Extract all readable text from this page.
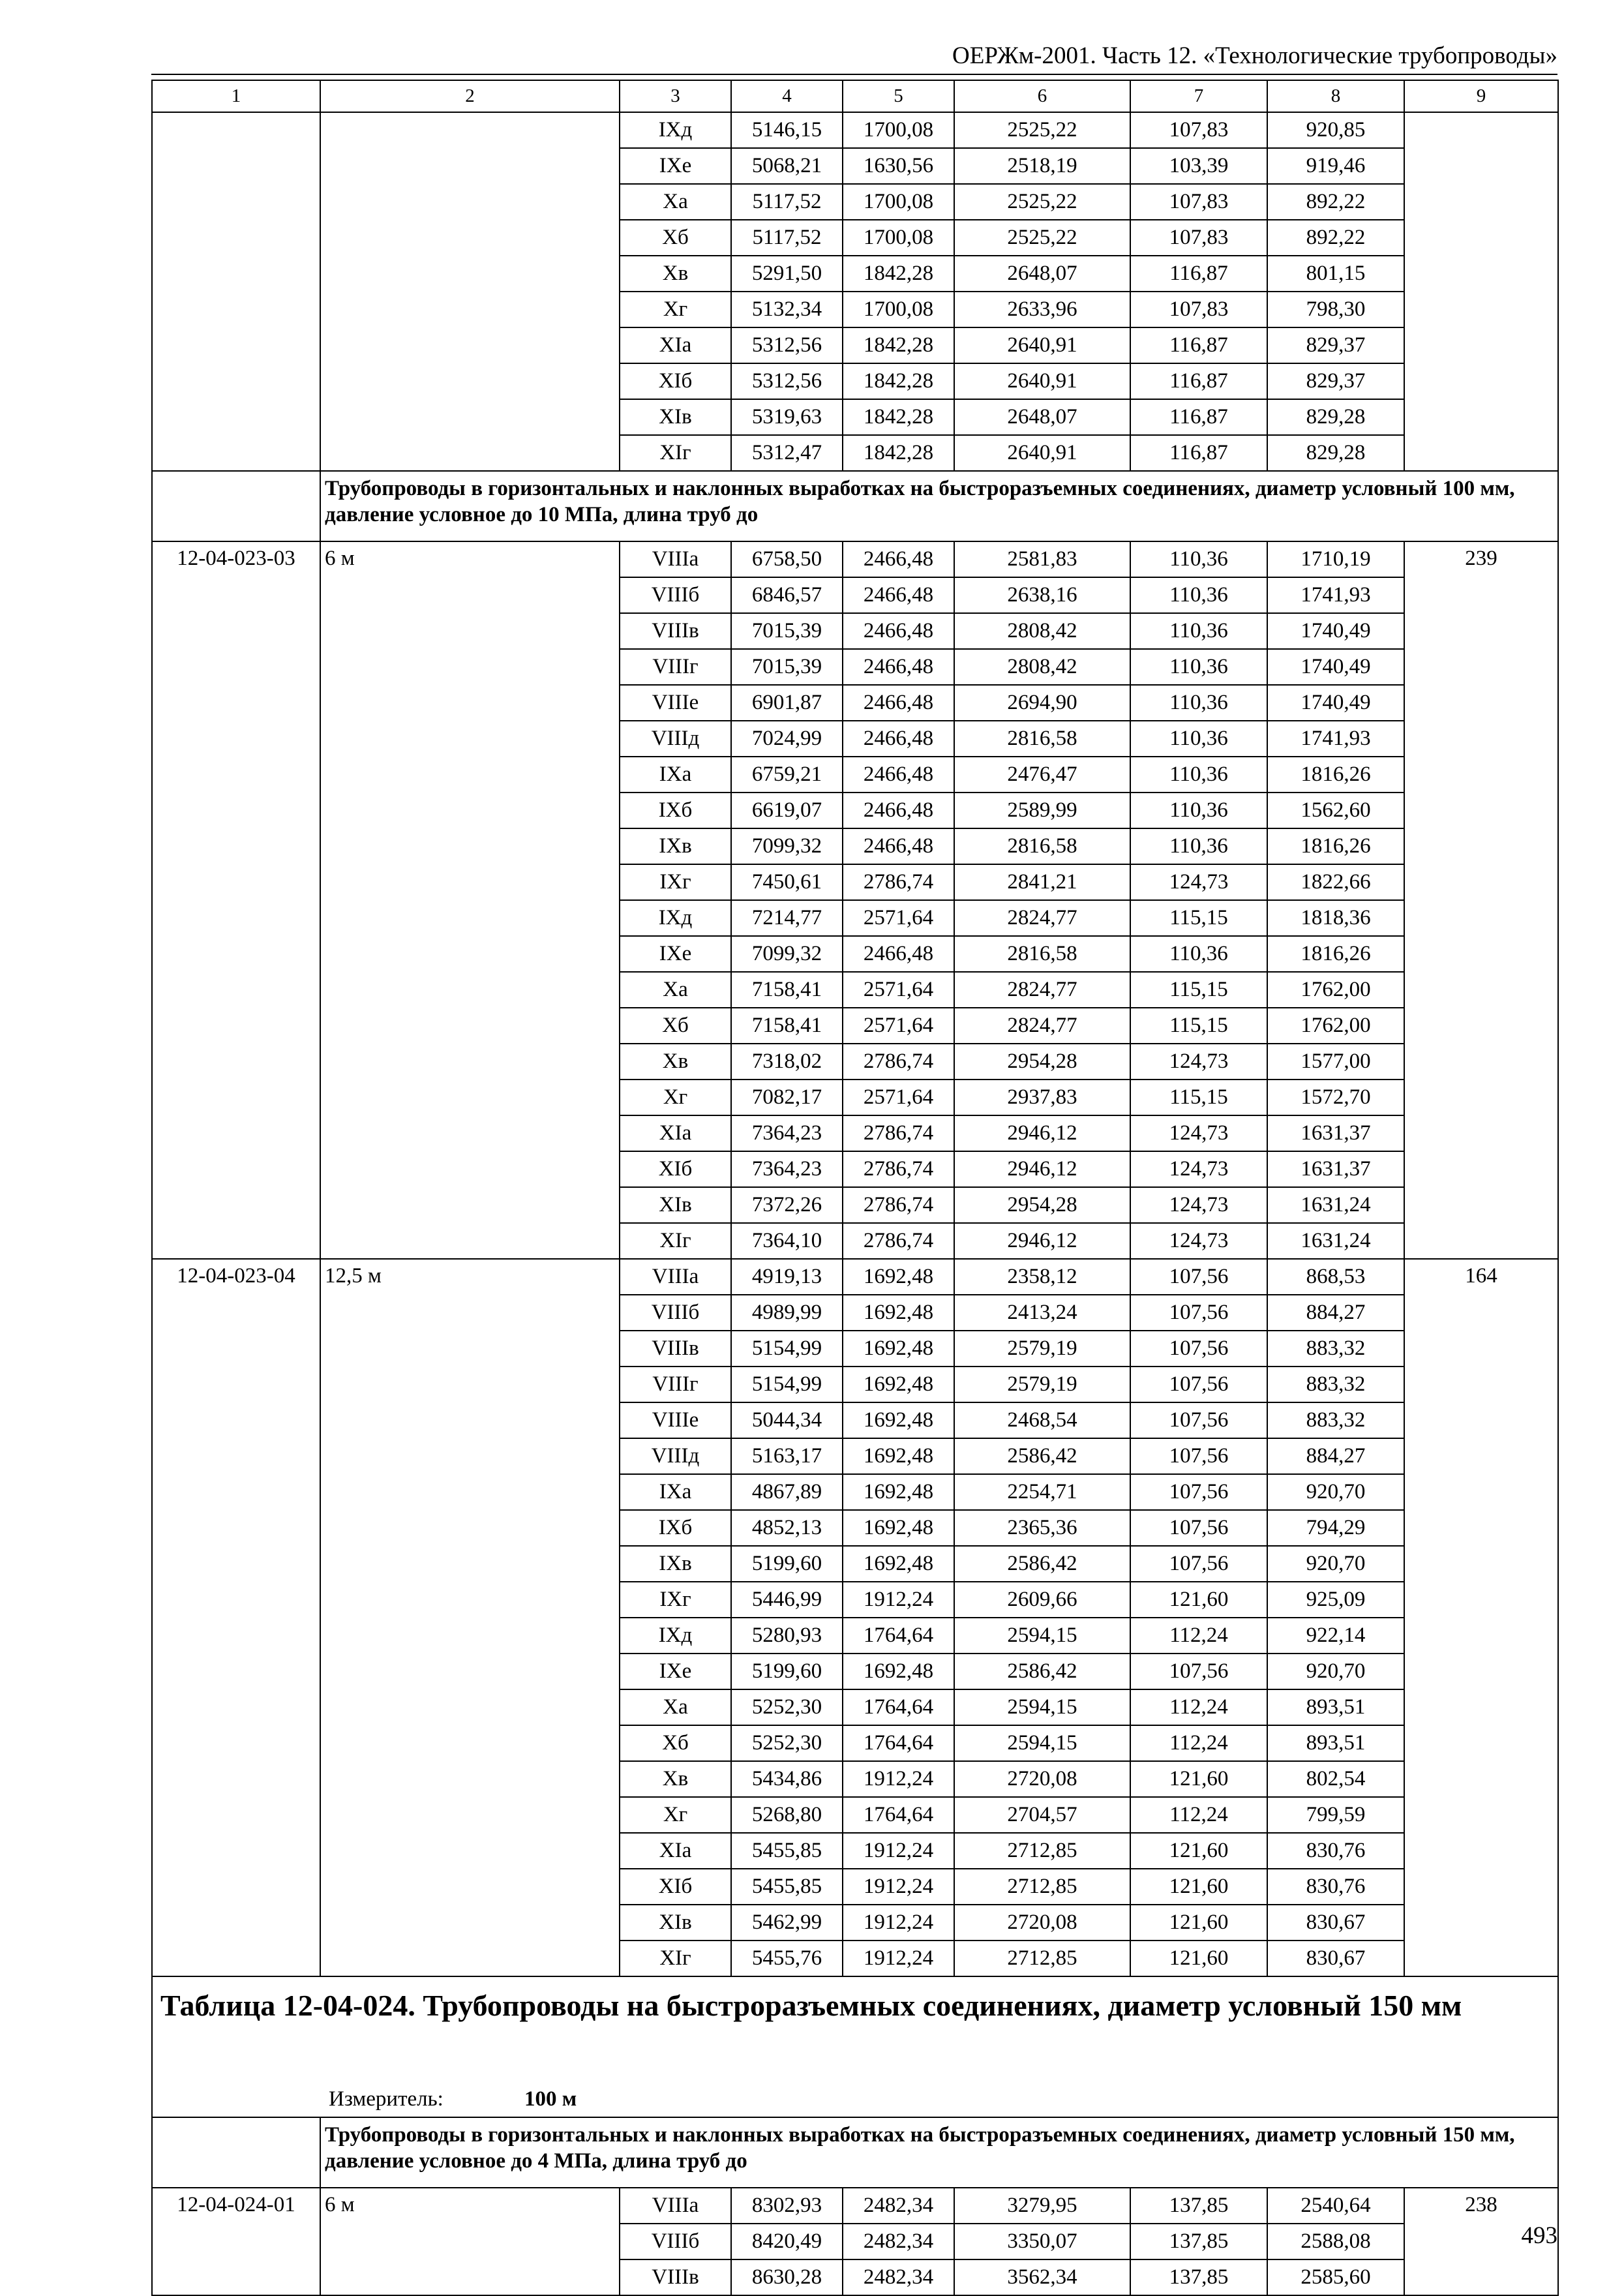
ОЕРЖм-2001. Часть 12. «Технологические трубопроводы»
1	2	3	4	5	6	7	8	9
		IXд	5146,15	1700,08	2525,22	107,83	920,85	
		IXе	5068,21	1630,56	2518,19	103,39	919,46	
		Xа	5117,52	1700,08	2525,22	107,83	892,22	
		Xб	5117,52	1700,08	2525,22	107,83	892,22	
		Xв	5291,50	1842,28	2648,07	116,87	801,15	
		Xг	5132,34	1700,08	2633,96	107,83	798,30	
		XIа	5312,56	1842,28	2640,91	116,87	829,37	
		XIб	5312,56	1842,28	2640,91	116,87	829,37	
		XIв	5319,63	1842,28	2648,07	116,87	829,28	
		XIг	5312,47	1842,28	2640,91	116,87	829,28	
	Трубопроводы в горизонтальных и наклонных выработках на быстроразъемных соединениях, диаметр условный 100 мм, давление условное до 10 МПа, длина труб до							
12-04-023-03	6 м	VIIIа	6758,50	2466,48	2581,83	110,36	1710,19	239
		VIIIб	6846,57	2466,48	2638,16	110,36	1741,93	
		VIIIв	7015,39	2466,48	2808,42	110,36	1740,49	
		VIIIг	7015,39	2466,48	2808,42	110,36	1740,49	
		VIIIе	6901,87	2466,48	2694,90	110,36	1740,49	
		VIIIд	7024,99	2466,48	2816,58	110,36	1741,93	
		IXа	6759,21	2466,48	2476,47	110,36	1816,26	
		IXб	6619,07	2466,48	2589,99	110,36	1562,60	
		IXв	7099,32	2466,48	2816,58	110,36	1816,26	
		IXг	7450,61	2786,74	2841,21	124,73	1822,66	
		IXд	7214,77	2571,64	2824,77	115,15	1818,36	
		IXе	7099,32	2466,48	2816,58	110,36	1816,26	
		Xа	7158,41	2571,64	2824,77	115,15	1762,00	
		Xб	7158,41	2571,64	2824,77	115,15	1762,00	
		Xв	7318,02	2786,74	2954,28	124,73	1577,00	
		Xг	7082,17	2571,64	2937,83	115,15	1572,70	
		XIа	7364,23	2786,74	2946,12	124,73	1631,37	
		XIб	7364,23	2786,74	2946,12	124,73	1631,37	
		XIв	7372,26	2786,74	2954,28	124,73	1631,24	
		XIг	7364,10	2786,74	2946,12	124,73	1631,24	
12-04-023-04	12,5 м	VIIIа	4919,13	1692,48	2358,12	107,56	868,53	164
		VIIIб	4989,99	1692,48	2413,24	107,56	884,27	
		VIIIв	5154,99	1692,48	2579,19	107,56	883,32	
		VIIIг	5154,99	1692,48	2579,19	107,56	883,32	
		VIIIе	5044,34	1692,48	2468,54	107,56	883,32	
		VIIIд	5163,17	1692,48	2586,42	107,56	884,27	
		IXа	4867,89	1692,48	2254,71	107,56	920,70	
		IXб	4852,13	1692,48	2365,36	107,56	794,29	
		IXв	5199,60	1692,48	2586,42	107,56	920,70	
		IXг	5446,99	1912,24	2609,66	121,60	925,09	
		IXд	5280,93	1764,64	2594,15	112,24	922,14	
		IXе	5199,60	1692,48	2586,42	107,56	920,70	
		Xа	5252,30	1764,64	2594,15	112,24	893,51	
		Xб	5252,30	1764,64	2594,15	112,24	893,51	
		Xв	5434,86	1912,24	2720,08	121,60	802,54	
		Xг	5268,80	1764,64	2704,57	112,24	799,59	
		XIа	5455,85	1912,24	2712,85	121,60	830,76	
		XIб	5455,85	1912,24	2712,85	121,60	830,76	
		XIв	5462,99	1912,24	2720,08	121,60	830,67	
		XIг	5455,76	1912,24	2712,85	121,60	830,67	
Таблица 12-04-024. Трубопроводы на быстроразъемных соединениях, диаметр условный 150 мм								
Измеритель: 100 м								
	Трубопроводы в горизонтальных и наклонных выработках на быстроразъемных соединениях, диаметр условный 150 мм, давление условное до 4 МПа, длина труб до							
12-04-024-01	6 м	VIIIа	8302,93	2482,34	3279,95	137,85	2540,64	238
		VIIIб	8420,49	2482,34	3350,07	137,85	2588,08	
		VIIIв	8630,28	2482,34	3562,34	137,85	2585,60	
493
